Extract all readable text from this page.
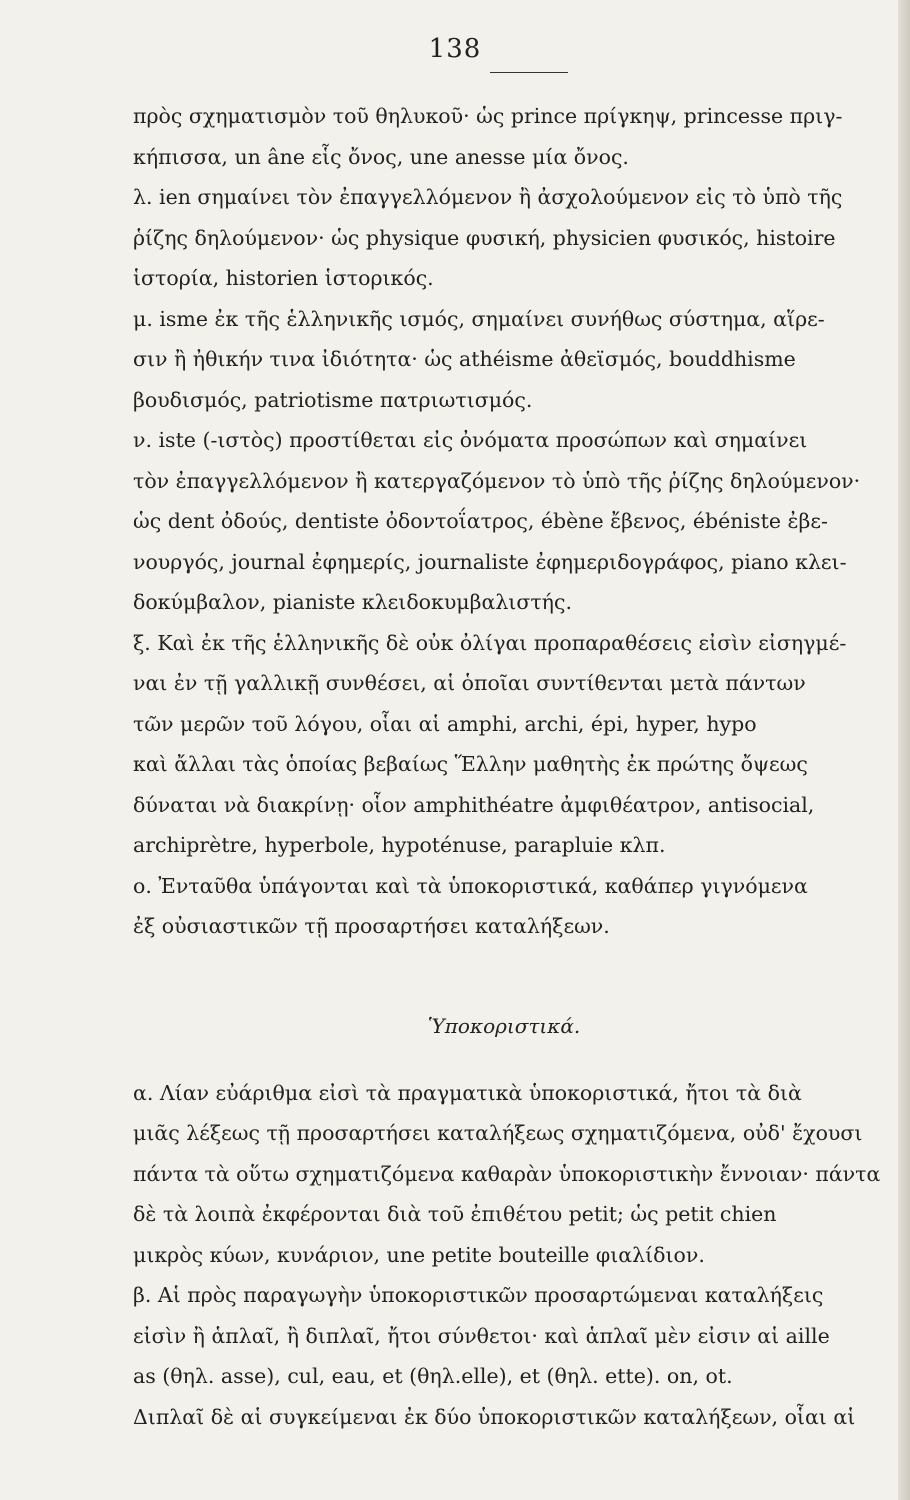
138
πρὸς σχηματισμὸν τοῦ θηλυκοῦ· ὡς prince πρίγκηψ, princesse πριγ-
κήπισσα, un âne εἷς ὄνος, une anesse μία ὄνος.
λ. ien σημαίνει τὸν ἐπαγγελλόμενον ἢ ἀσχολούμενον εἰς τὸ ὑπὸ τῆς
ῥίζης δηλούμενον· ὡς physique φυσική, physicien φυσικός, histoire
ἱστορία, historien ἱστορικός.
μ. isme ἐκ τῆς ἑλληνικῆς ισμός, σημαίνει συνήθως σύστημα, αἵρε-
σιν ἢ ἠθικήν τινα ἰδιότητα· ὡς athéisme ἀθεϊσμός, bouddhisme
βουδισμός, patriotisme πατριωτισμός.
ν. iste (-ιστὸς) προστίθεται εἰς ὀνόματα προσώπων καὶ σημαίνει
τὸν ἐπαγγελλόμενον ἢ κατεργαζόμενον τὸ ὑπὸ τῆς ῥίζης δηλούμενον·
ὡς dent ὀδούς, dentiste ὀδοντοΐατρος, ébène ἔβενος, ébéniste ἐβε-
νουργός, journal ἐφημερίς, journaliste ἐφημεριδογράφος, piano κλει-
δοκύμβαλον, pianiste κλειδοκυμβαλιστής.
ξ. Καὶ ἐκ τῆς ἑλληνικῆς δὲ οὐκ ὀλίγαι προπαραθέσεις εἰσὶν εἰσηγμέ-
ναι ἐν τῇ γαλλικῇ συνθέσει, αἱ ὁποῖαι συντίθενται μετὰ πάντων
τῶν μερῶν τοῦ λόγου, οἷαι αἱ amphi, archi, épi, hyper, hypo
καὶ ἄλλαι τὰς ὁποίας βεβαίως Ἕλλην μαθητὴς ἐκ πρώτης ὄψεως
δύναται νὰ διακρίνῃ· οἷον amphithéatre ἀμφιθέατρον, antisocial,
archiprètre, hyperbole, hypoténuse, parapluie κλπ.
ο. Ἐνταῦθα ὑπάγονται καὶ τὰ ὑποκοριστικά, καθάπερ γιγνόμενα
ἐξ οὐσιαστικῶν τῇ προσαρτήσει καταλήξεων.
Ὑποκοριστικά.
α. Λίαν εὐάριθμα εἰσὶ τὰ πραγματικὰ ὑποκοριστικά, ἤτοι τὰ διὰ
μιᾶς λέξεως τῇ προσαρτήσει καταλήξεως σχηματιζόμενα, οὐδ' ἔχουσι
πάντα τὰ οὕτω σχηματιζόμενα καθαρὰν ὑποκοριστικὴν ἔννοιαν· πάντα
δὲ τὰ λοιπὰ ἐκφέρονται διὰ τοῦ ἐπιθέτου petit; ὡς petit chien
μικρὸς κύων, κυνάριον, une petite bouteille φιαλίδιον.
β. Αἱ πρὸς παραγωγὴν ὑποκοριστικῶν προσαρτώμεναι καταλήξεις
εἰσὶν ἢ ἁπλαῖ, ἢ διπλαῖ, ἤτοι σύνθετοι· καὶ ἁπλαῖ μὲν εἰσιν αἱ aille
as (θηλ. asse), cul, eau, et (θηλ.elle), et (θηλ. ette). on, ot.
Διπλαῖ δὲ αἱ συγκείμεναι ἐκ δύο ὑποκοριστικῶν καταλήξεων, οἷαι αἱ
